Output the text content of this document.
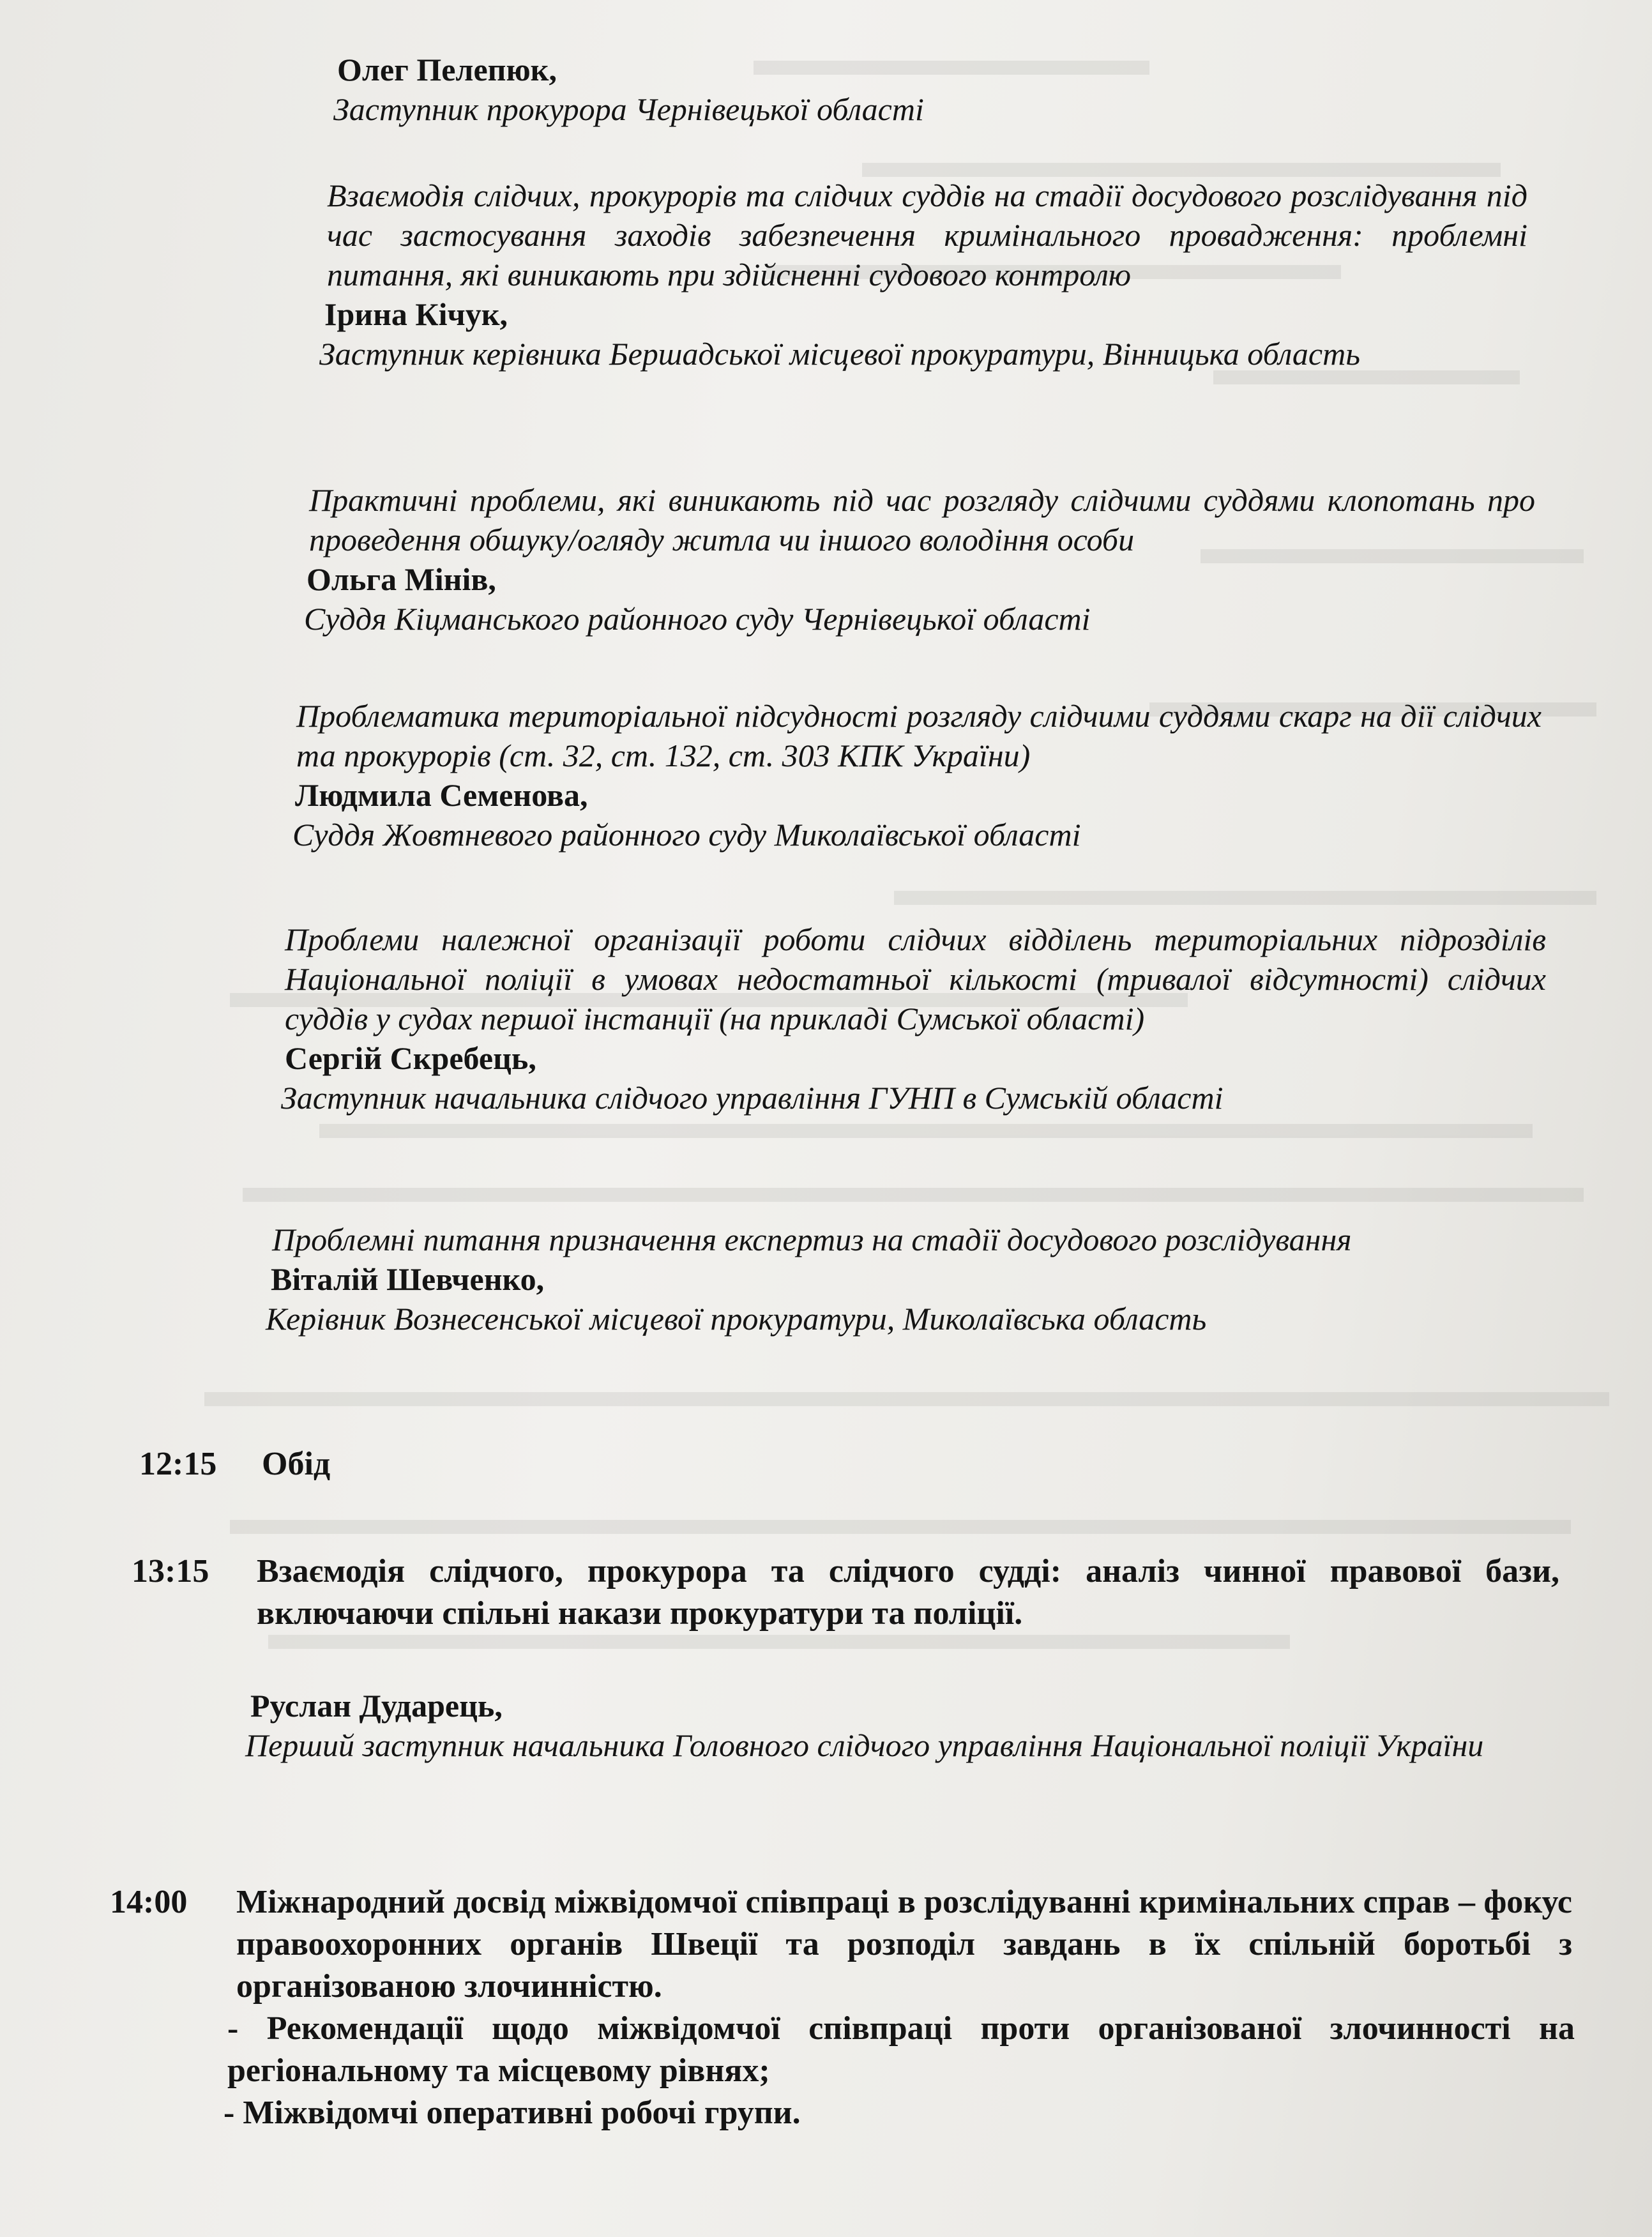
Олег Пелепюк,
Заступник прокурора Чернівецької області
Взаємодія слідчих, прокурорів та слідчих суддів на стадії досудового розслідування під час застосування заходів забезпечення кримінального провадження: проблемні питання, які виникають при здійсненні судового контролю
Ірина Кічук,
Заступник керівника Бершадської місцевої прокуратури, Вінницька область
Практичні проблеми, які виникають під час розгляду слідчими суддями клопотань про проведення обшуку/огляду житла чи іншого володіння особи
Ольга Мінів,
Суддя Кіцманського районного суду Чернівецької області
Проблематика територіальної підсудності розгляду слідчими суддями скарг на дії слідчих та прокурорів (ст. 32, ст. 132, ст. 303 КПК України)
Людмила Семенова,
Суддя Жовтневого районного суду Миколаївської області
Проблеми належної організації роботи слідчих відділень територіальних підрозділів Національної поліції в умовах недостатньої кількості (тривалої відсутності) слідчих суддів у судах першої інстанції (на прикладі Сумської області)
Сергій Скребець,
Заступник начальника слідчого управління ГУНП в Сумській області
Проблемні питання призначення експертиз на стадії досудового розслідування
Віталій Шевченко,
Керівник Вознесенської місцевої прокуратури, Миколаївська область
12:15 Обід
13:15 Взаємодія слідчого, прокурора та слідчого судді: аналіз чинної правової бази, включаючи спільні накази прокуратури та поліції.
Руслан Дударець,
Перший заступник начальника Головного слідчого управління Національної поліції України
14:00 Міжнародний досвід міжвідомчої співпраці в розслідуванні кримінальних справ – фокус правоохоронних органів Швеції та розподіл завдань в їх спільній боротьбі з організованою злочинністю.
- Рекомендації щодо міжвідомчої співпраці проти організованої злочинності на регіональному та місцевому рівнях;
- Міжвідомчі оперативні робочі групи.
